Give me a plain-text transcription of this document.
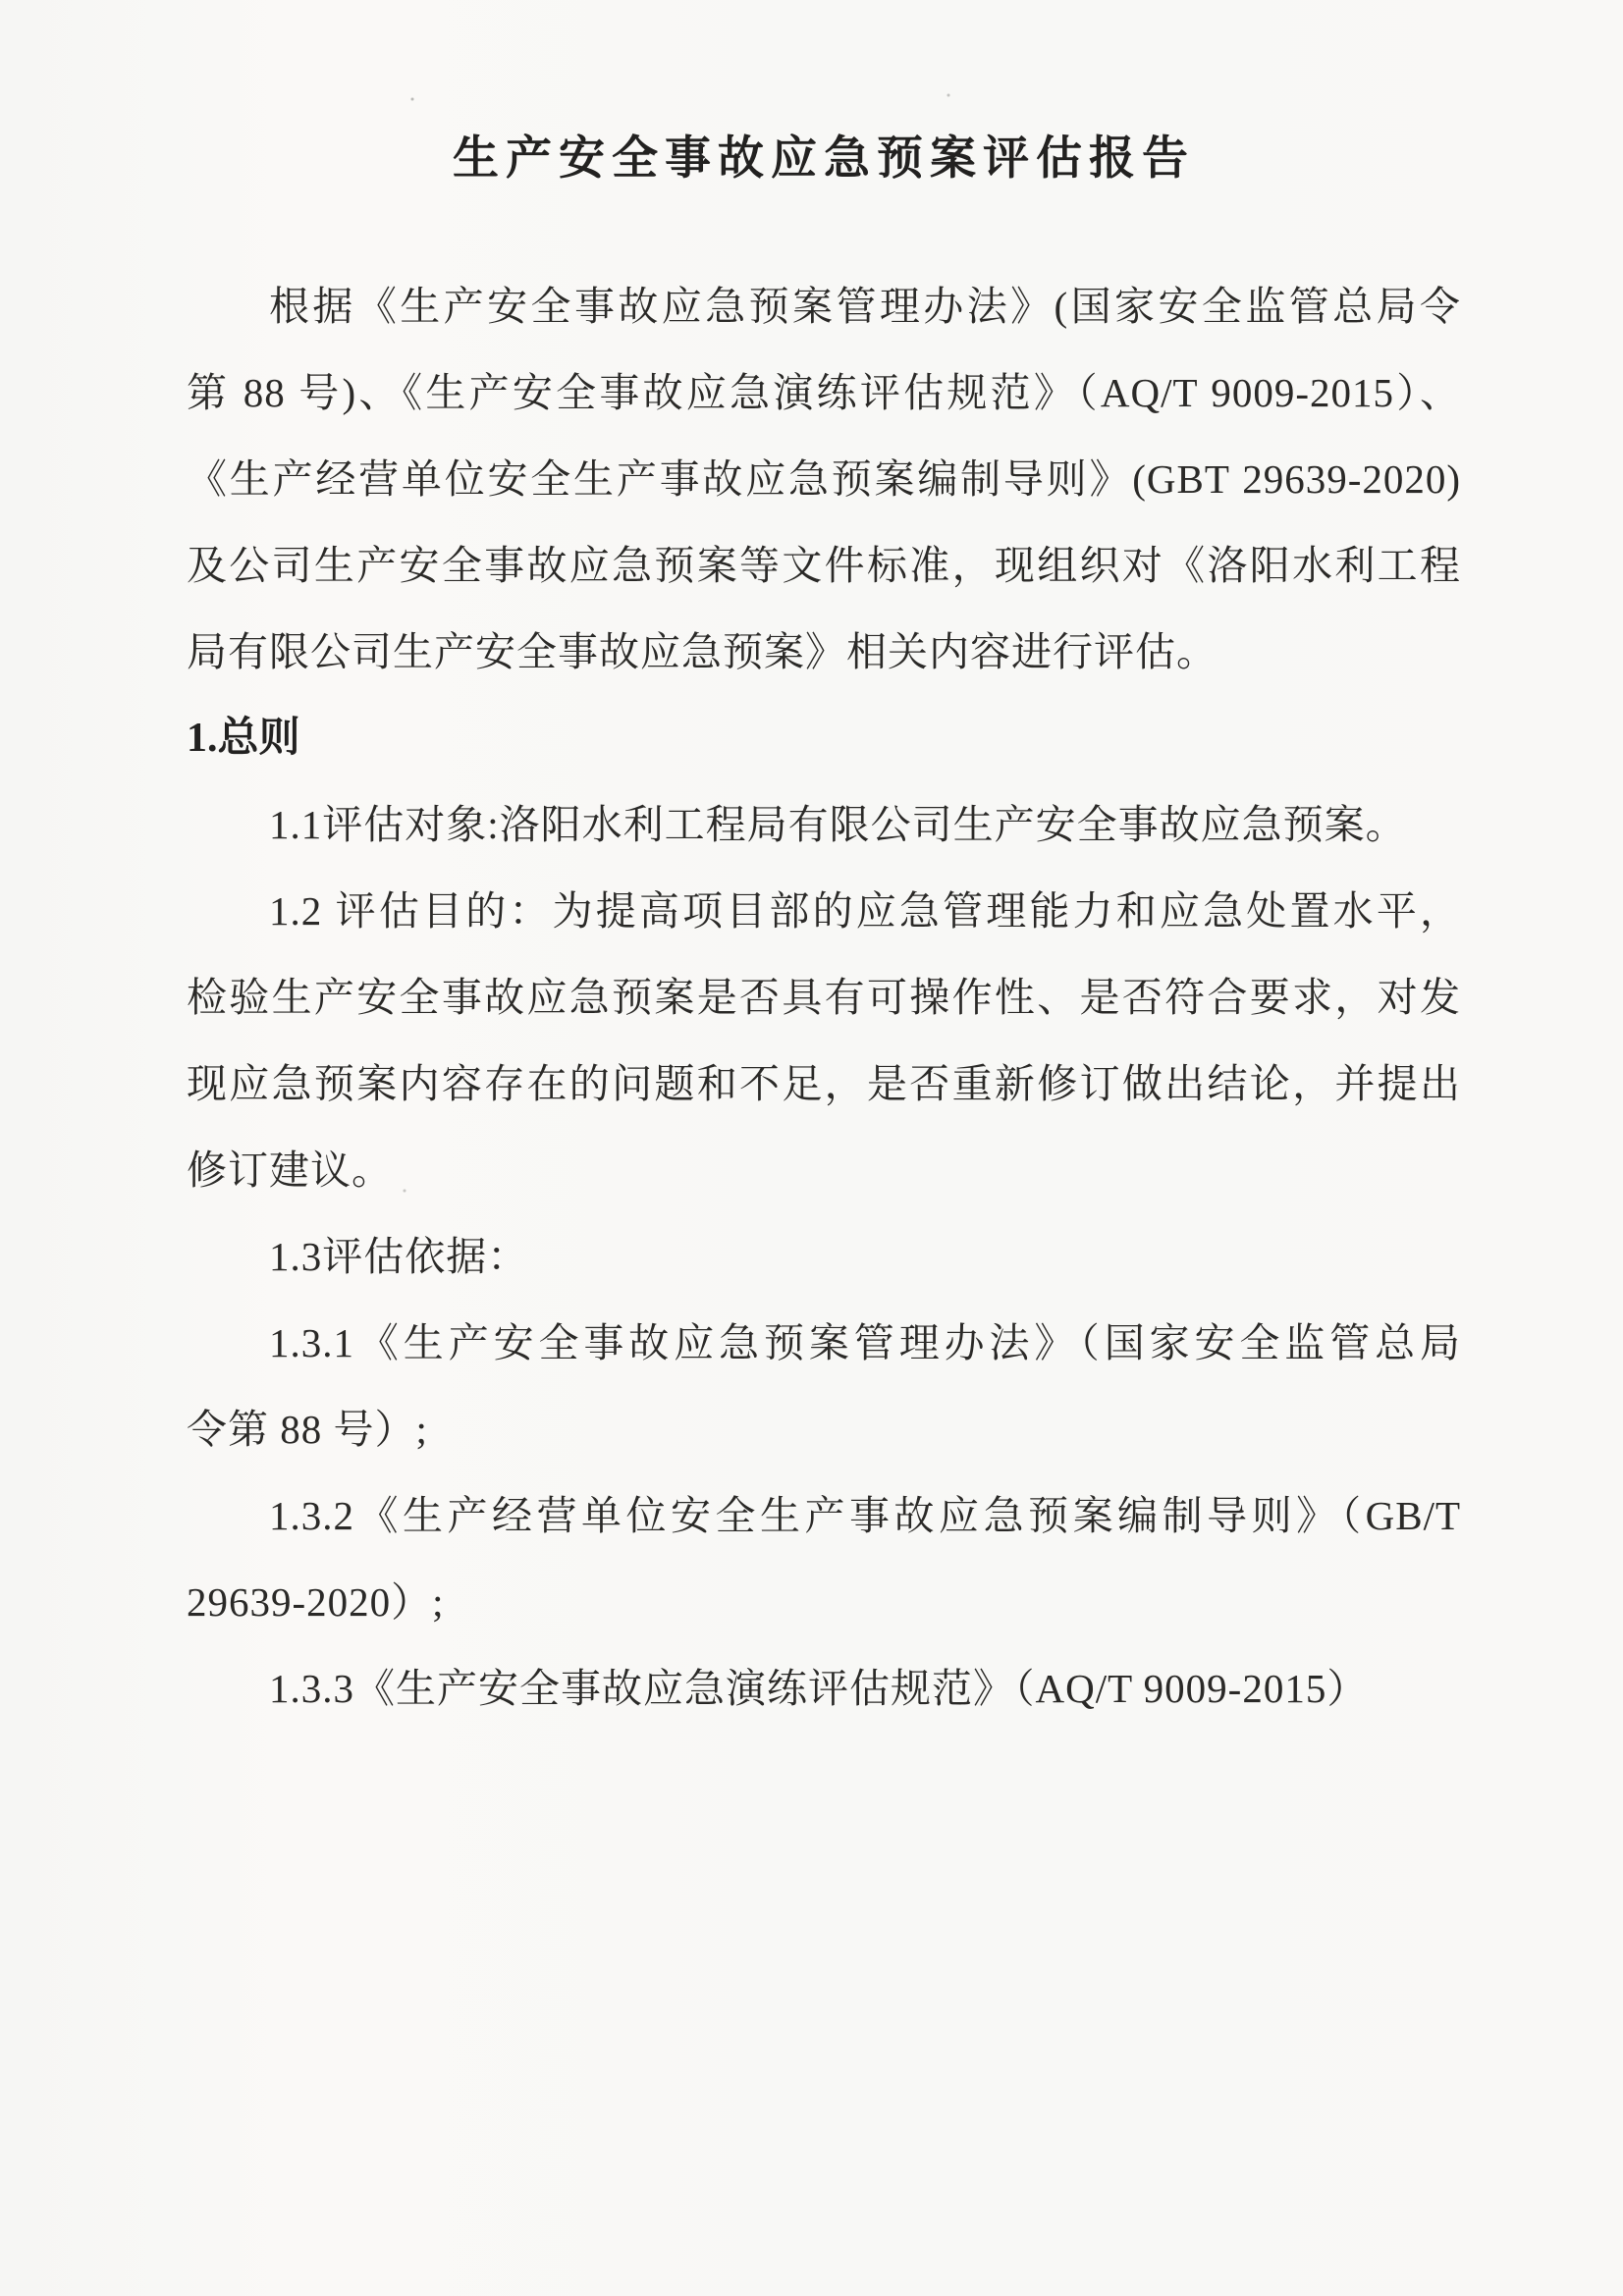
生产安全事故应急预案评估报告
根据《生产安全事故应急预案管理办法》(国家安全监管总局令
第 88 号)、《生产安全事故应急演练评估规范》（AQ/T 9009-2015）、
《生产经营单位安全生产事故应急预案编制导则》(GBT 29639-2020)
及公司生产安全事故应急预案等文件标准，现组织对《洛阳水利工程
局有限公司生产安全事故应急预案》相关内容进行评估。
1.总则
1.1评估对象:洛阳水利工程局有限公司生产安全事故应急预案。
1.2 评估目的：为提高项目部的应急管理能力和应急处置水平，
检验生产安全事故应急预案是否具有可操作性、是否符合要求，对发
现应急预案内容存在的问题和不足，是否重新修订做出结论，并提出
修订建议。
1.3评估依据：
1.3.1《生产安全事故应急预案管理办法》（国家安全监管总局
令第 88 号）;
1.3.2《生产经营单位安全生产事故应急预案编制导则》（GB/T
29639-2020）;
1.3.3《生产安全事故应急演练评估规范》（AQ/T 9009-2015）
